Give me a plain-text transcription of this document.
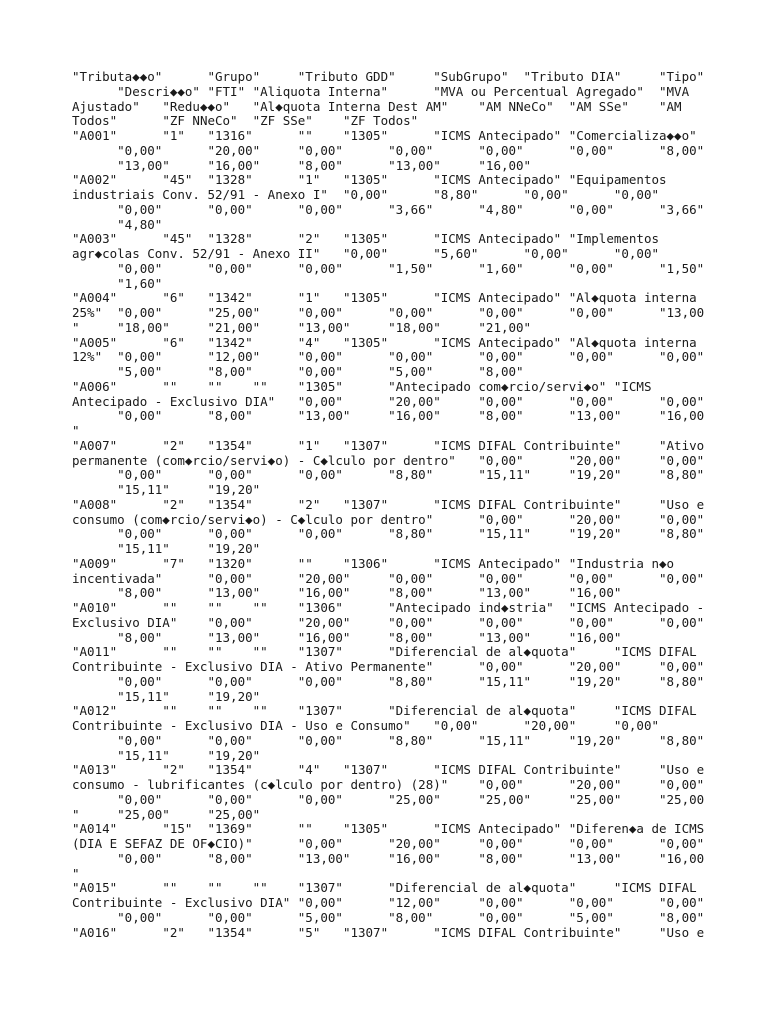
"Tributa◆◆o"	"Grupo"	"Tributo GDD"	"SubGrupo"	"Tributo DIA"	"Tipo"
	"Descri◆◆o"	"FTI"	"Aliquota Interna"	"MVA ou Percentual Agregado"	"MVA
Ajustado"	"Redu◆◆o"	"Al◆quota Interna Dest AM"	"AM NNeCo"	"AM SSe"	"AM
Todos"	"ZF NNeCo"	"ZF SSe"	"ZF Todos"
"A001"	"1"	"1316"	""	"1305"	"ICMS Antecipado"	"Comercializa◆◆o"
	"0,00"	"20,00"	"0,00"	"0,00"	"0,00"	"0,00"	"8,00"
	"13,00"	"16,00"	"8,00"	"13,00"	"16,00"
"A002"	"45"	"1328"	"1"	"1305"	"ICMS Antecipado"	"Equipamentos
industriais Conv. 52/91 - Anexo I"	"0,00"	"8,80"	"0,00"	"0,00"
	"0,00"	"0,00"	"0,00"	"3,66"	"4,80"	"0,00"	"3,66"
	"4,80"
"A003"	"45"	"1328"	"2"	"1305"	"ICMS Antecipado"	"Implementos
agr◆colas Conv. 52/91 - Anexo II"	"0,00"	"5,60"	"0,00"	"0,00"
	"0,00"	"0,00"	"0,00"	"1,50"	"1,60"	"0,00"	"1,50"
	"1,60"
"A004"	"6"	"1342"	"1"	"1305"	"ICMS Antecipado"	"Al◆quota interna
25%"	"0,00"	"25,00"	"0,00"	"0,00"	"0,00"	"0,00"	"13,00
"	"18,00"	"21,00"	"13,00"	"18,00"	"21,00"
"A005"	"6"	"1342"	"4"	"1305"	"ICMS Antecipado"	"Al◆quota interna
12%"	"0,00"	"12,00"	"0,00"	"0,00"	"0,00"	"0,00"	"0,00"
	"5,00"	"8,00"	"0,00"	"5,00"	"8,00"
"A006"	""	""	""	"1305"	"Antecipado com◆rcio/servi◆o"	"ICMS
Antecipado - Exclusivo DIA"	"0,00"	"20,00"	"0,00"	"0,00"	"0,00"
	"0,00"	"8,00"	"13,00"	"16,00"	"8,00"	"13,00"	"16,00
"
"A007"	"2"	"1354"	"1"	"1307"	"ICMS DIFAL Contribuinte"	"Ativo
permanente (com◆rcio/servi◆o) - C◆lculo por dentro"	"0,00"	"20,00"	"0,00"
	"0,00"	"0,00"	"0,00"	"8,80"	"15,11"	"19,20"	"8,80"
	"15,11"	"19,20"
"A008"	"2"	"1354"	"2"	"1307"	"ICMS DIFAL Contribuinte"	"Uso e
consumo (com◆rcio/servi◆o) - C◆lculo por dentro"	"0,00"	"20,00"	"0,00"
	"0,00"	"0,00"	"0,00"	"8,80"	"15,11"	"19,20"	"8,80"
	"15,11"	"19,20"
"A009"	"7"	"1320"	""	"1306"	"ICMS Antecipado"	"Industria n◆o
incentivada"	"0,00"	"20,00"	"0,00"	"0,00"	"0,00"	"0,00"
	"8,00"	"13,00"	"16,00"	"8,00"	"13,00"	"16,00"
"A010"	""	""	""	"1306"	"Antecipado ind◆stria"	"ICMS Antecipado -
Exclusivo DIA"	"0,00"	"20,00"	"0,00"	"0,00"	"0,00"	"0,00"
	"8,00"	"13,00"	"16,00"	"8,00"	"13,00"	"16,00"
"A011"	""	""	""	"1307"	"Diferencial de al◆quota"	"ICMS DIFAL
Contribuinte - Exclusivo DIA - Ativo Permanente"	"0,00"	"20,00"	"0,00"
	"0,00"	"0,00"	"0,00"	"8,80"	"15,11"	"19,20"	"8,80"
	"15,11"	"19,20"
"A012"	""	""	""	"1307"	"Diferencial de al◆quota"	"ICMS DIFAL
Contribuinte - Exclusivo DIA - Uso e Consumo"	"0,00"	"20,00"	"0,00"
	"0,00"	"0,00"	"0,00"	"8,80"	"15,11"	"19,20"	"8,80"
	"15,11"	"19,20"
"A013"	"2"	"1354"	"4"	"1307"	"ICMS DIFAL Contribuinte"	"Uso e
consumo - lubrificantes (c◆lculo por dentro) (28)"	"0,00"	"20,00"	"0,00"
	"0,00"	"0,00"	"0,00"	"25,00"	"25,00"	"25,00"	"25,00
"	"25,00"	"25,00"
"A014"	"15"	"1369"	""	"1305"	"ICMS Antecipado"	"Diferen◆a de ICMS
(DIA E SEFAZ DE OF◆CIO)"	"0,00"	"20,00"	"0,00"	"0,00"	"0,00"
	"0,00"	"8,00"	"13,00"	"16,00"	"8,00"	"13,00"	"16,00
"
"A015"	""	""	""	"1307"	"Diferencial de al◆quota"	"ICMS DIFAL
Contribuinte - Exclusivo DIA"	"0,00"	"12,00"	"0,00"	"0,00"	"0,00"
	"0,00"	"0,00"	"5,00"	"8,00"	"0,00"	"5,00"	"8,00"
"A016"	"2"	"1354"	"5"	"1307"	"ICMS DIFAL Contribuinte"	"Uso e
